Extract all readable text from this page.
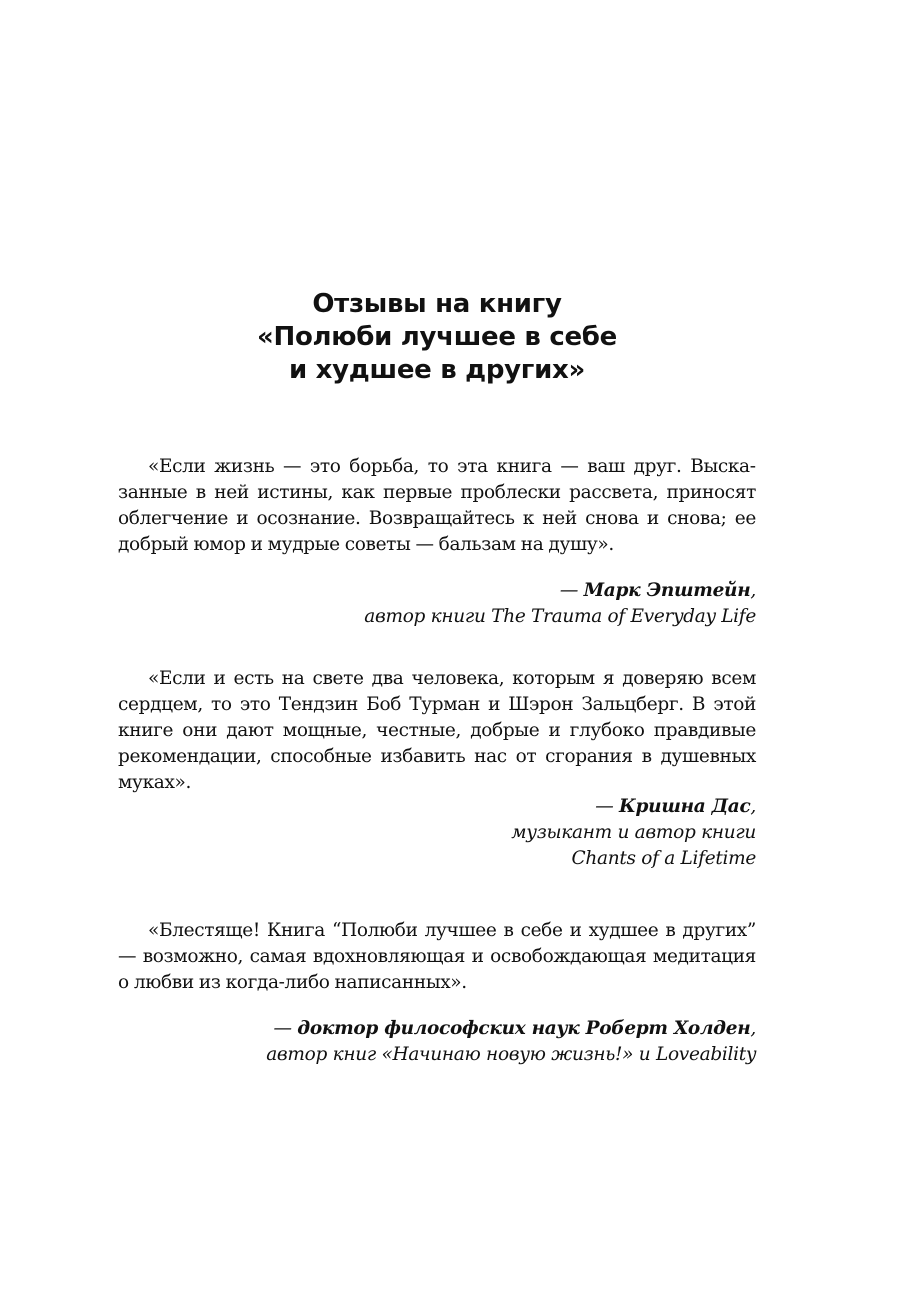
Отзывы на книгу
«Полюби лучшее в себе
и худшее в других»

«Если жизнь — это борьба, то эта книга — ваш друг. Высказанные в ней истины, как первые проблески рассвета, приносят облегчение и осознание. Возвращайтесь к ней снова и снова; ее добрый юмор и мудрые советы — бальзам на душу».

— Марк Эпштейн,
автор книги The Trauma of Everyday Life

«Если и есть на свете два человека, которым я доверяю всем сердцем, то это Тендзин Боб Турман и Шэрон Зальцберг. В этой книге они дают мощные, честные, добрые и глубоко правдивые рекомендации, способные избавить нас от сгорания в душевных муках».

— Кришна Дас,
музыкант и автор книги
Chants of a Lifetime

«Блестяще! Книга “Полюби лучшее в себе и худшее в других” — возможно, самая вдохновляющая и освобождающая медитация о любви из когда-либо написанных».

— доктор философских наук Роберт Холден,
автор книг «Начинаю новую жизнь!» и Loveability
